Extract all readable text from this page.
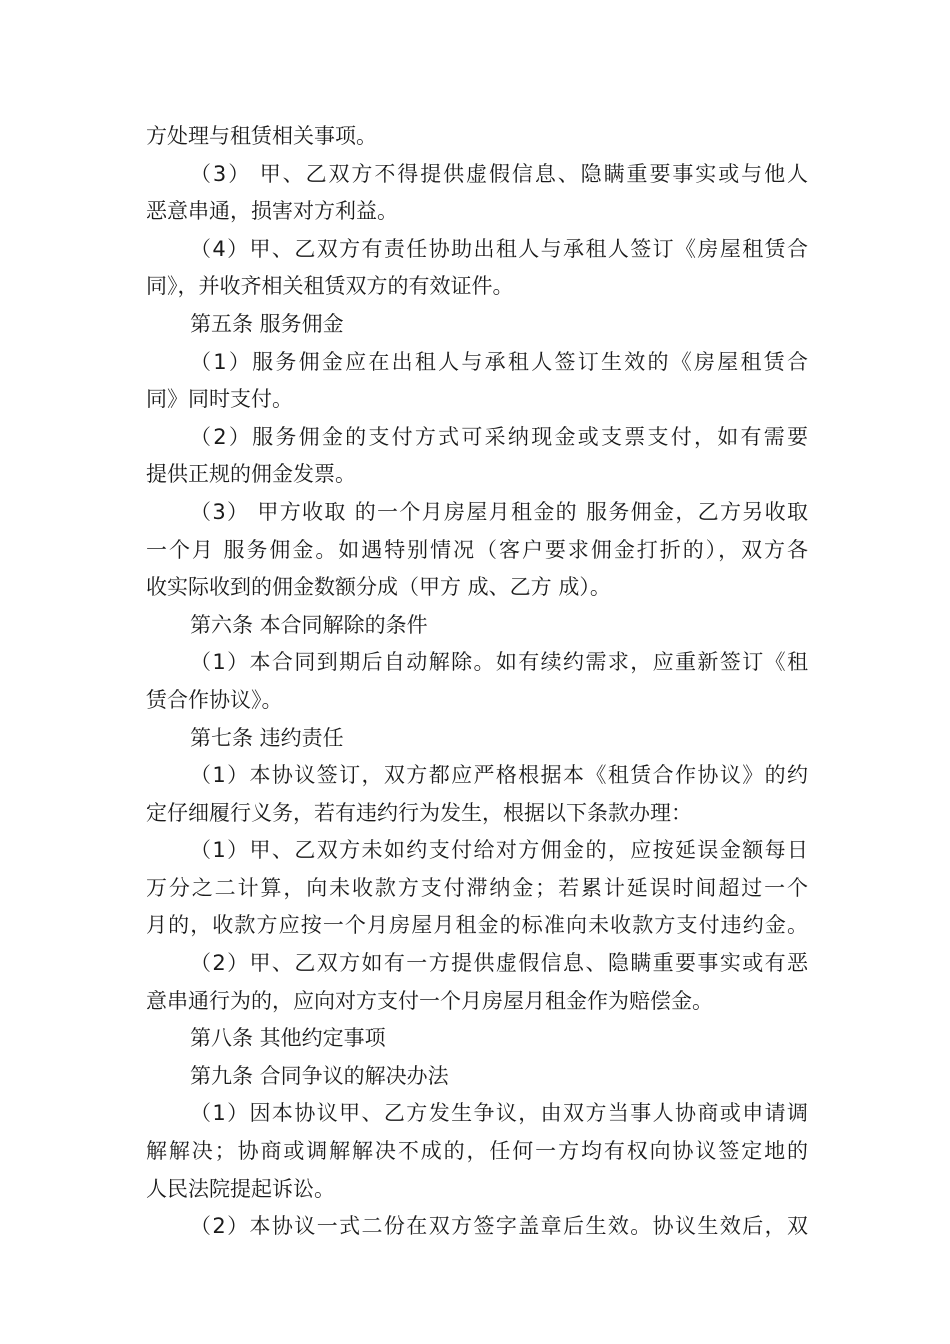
方处理与租赁相关事项。
（3） 甲、乙双方不得提供虚假信息、隐瞒重要事实或与他人
恶意串通，损害对方利益。
（4）甲、乙双方有责任协助出租人与承租人签订《房屋租赁合
同》，并收齐相关租赁双方的有效证件。
第五条 服务佣金
（1）服务佣金应在出租人与承租人签订生效的《房屋租赁合
同》同时支付。
（2）服务佣金的支付方式可采纳现金或支票支付，如有需要
提供正规的佣金发票。
（3） 甲方收取 的一个月房屋月租金的 服务佣金，乙方另收取
一个月 服务佣金。如遇特别情况（客户要求佣金打折的），双方各
收实际收到的佣金数额分成（甲方 成、乙方 成）。
第六条 本合同解除的条件
（1）本合同到期后自动解除。如有续约需求，应重新签订《租
赁合作协议》。
第七条 违约责任
（1）本协议签订，双方都应严格根据本《租赁合作协议》的约
定仔细履行义务，若有违约行为发生，根据以下条款办理：
（1）甲、乙双方未如约支付给对方佣金的，应按延误金额每日
万分之二计算，向未收款方支付滞纳金；若累计延误时间超过一个
月的，收款方应按一个月房屋月租金的标准向未收款方支付违约金。
（2）甲、乙双方如有一方提供虚假信息、隐瞒重要事实或有恶
意串通行为的，应向对方支付一个月房屋月租金作为赔偿金。
第八条 其他约定事项
第九条 合同争议的解决办法
（1）因本协议甲、乙方发生争议，由双方当事人协商或申请调
解解决；协商或调解解决不成的，任何一方均有权向协议签定地的
人民法院提起诉讼。
（2）本协议一式二份在双方签字盖章后生效。协议生效后，双
